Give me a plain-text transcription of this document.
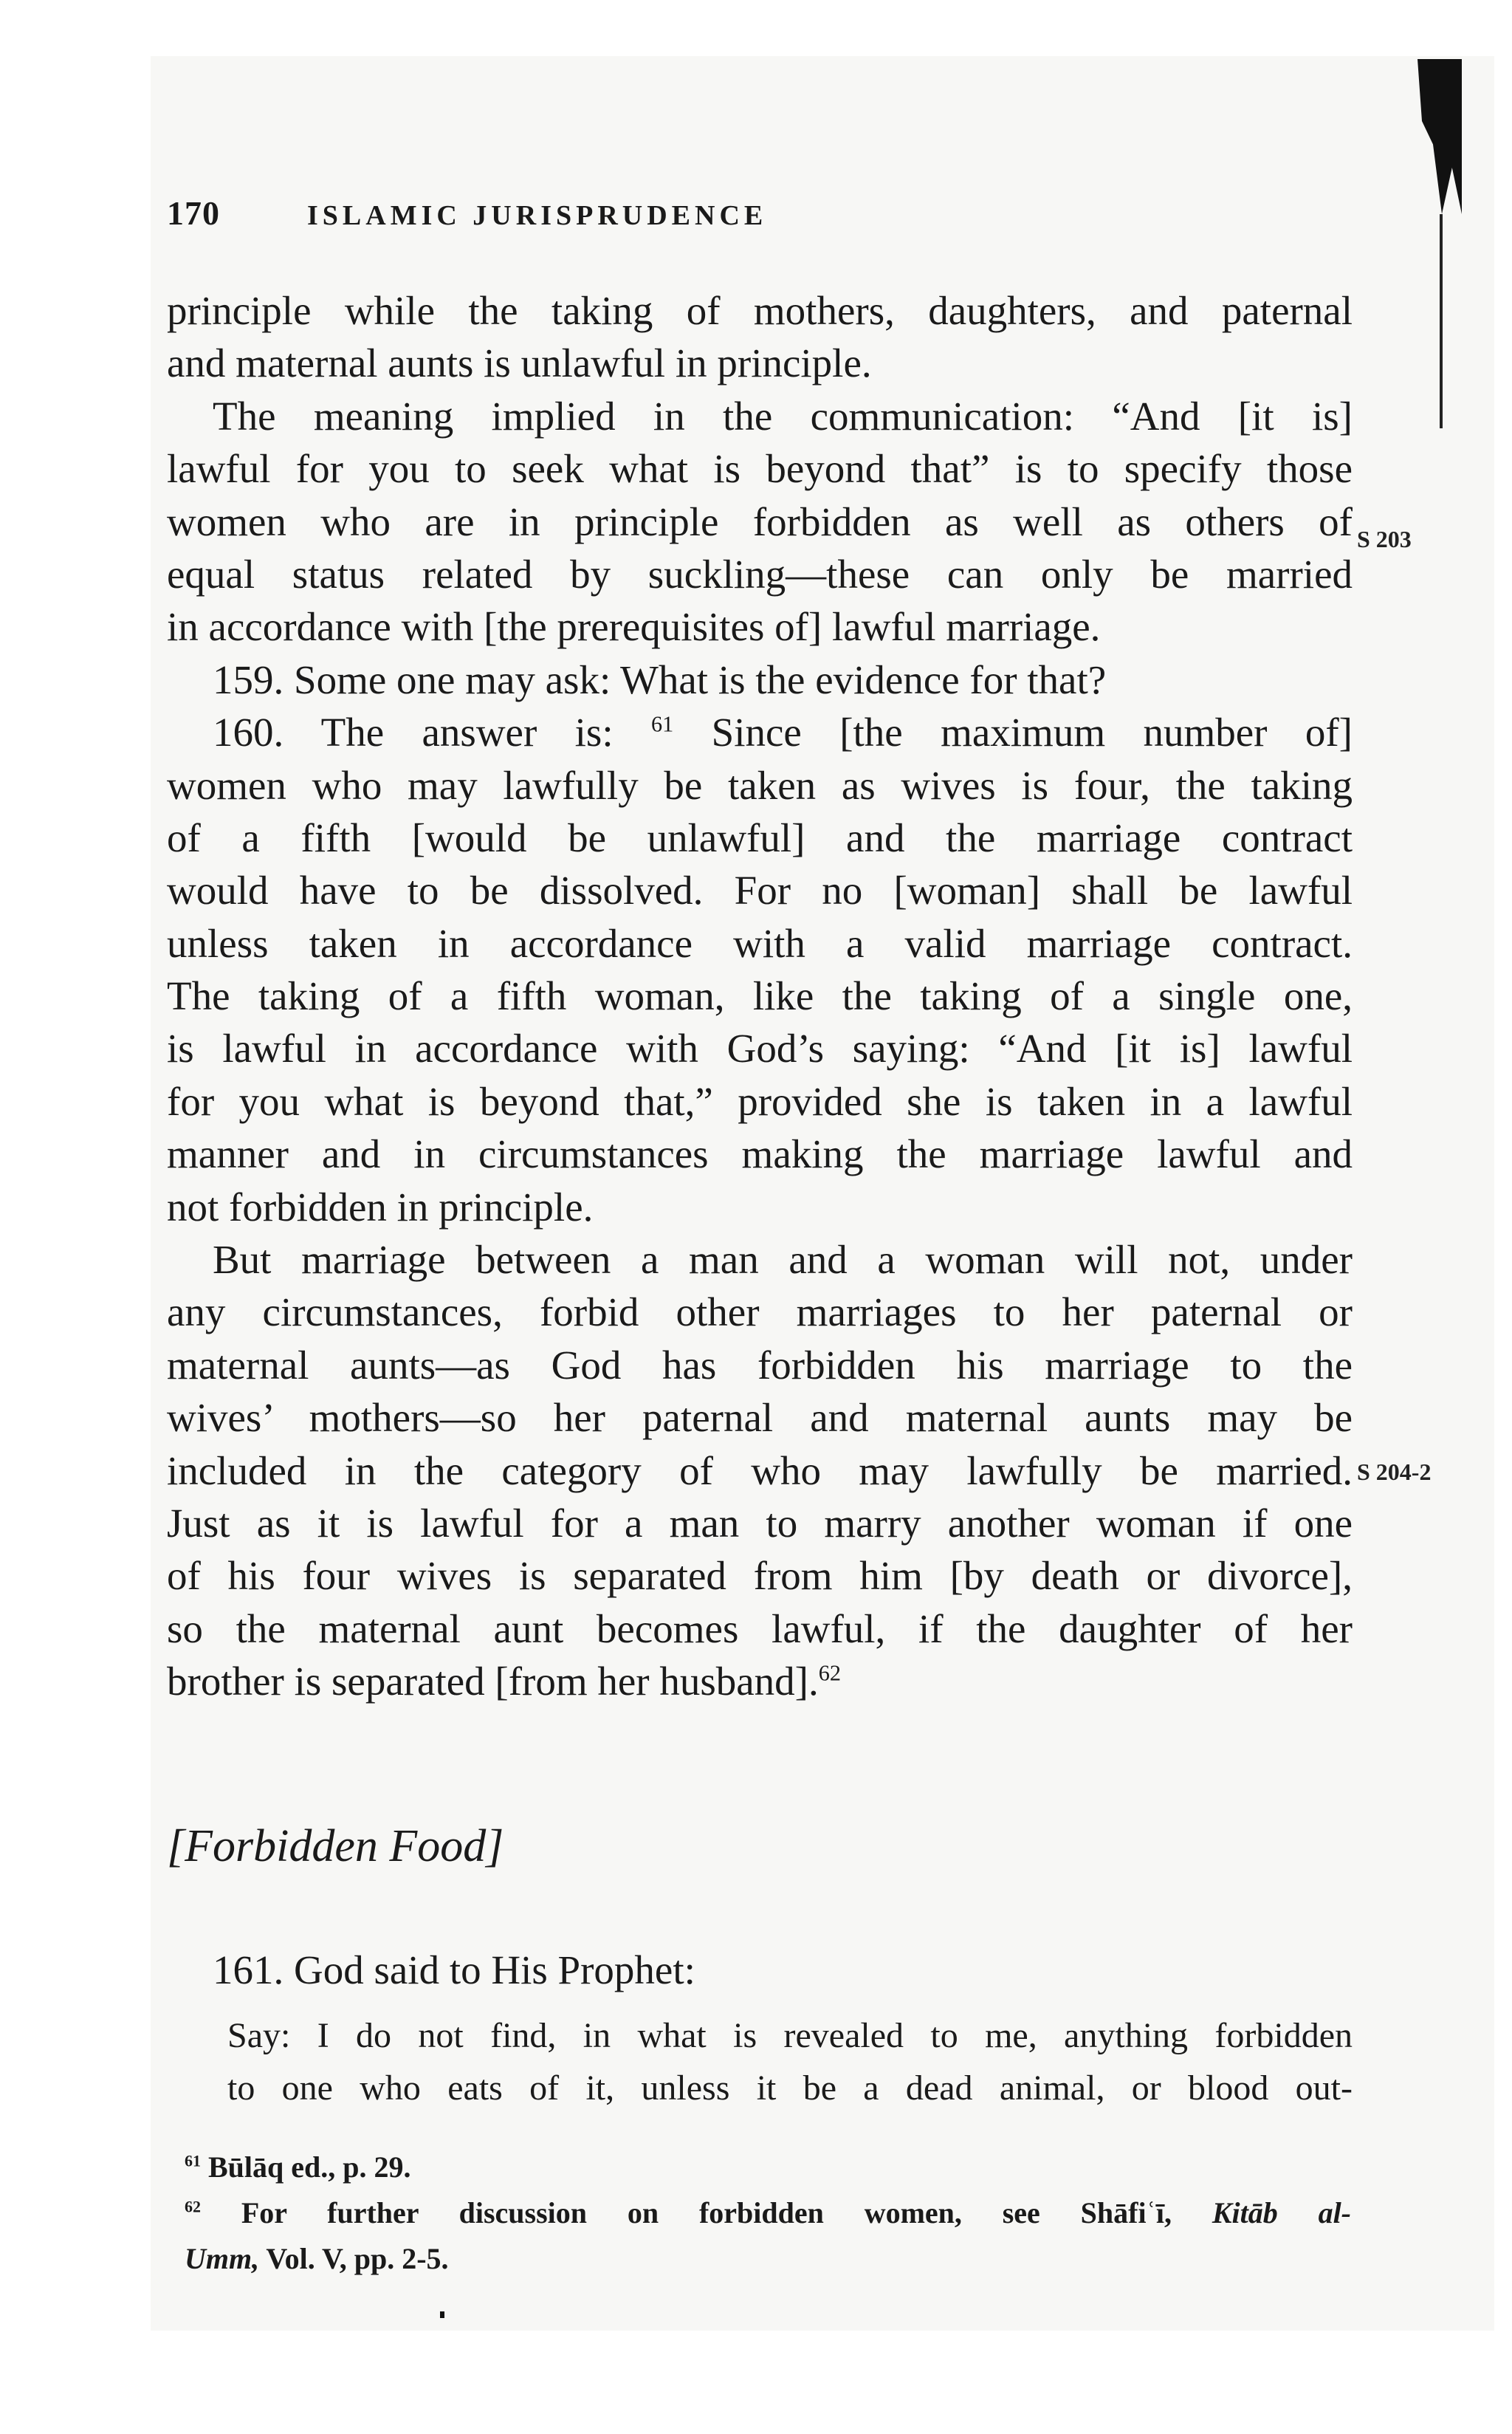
170	ISLAMIC JURISPRUDENCE
principle while the taking of mothers, daughters, and paternal
and maternal aunts is unlawful in principle.
The meaning implied in the communication: “And [it is]
lawful for you to seek what is beyond that” is to specify those
women who are in principle forbidden as well as others of
equal status related by suckling—these can only be married
in accordance with [the prerequisites of] lawful marriage.
159. Some one may ask: What is the evidence for that?
160. The answer is: $^{61}$ Since [the maximum number of]
women who may lawfully be taken as wives is four, the taking
of a fifth [would be unlawful] and the marriage contract
would have to be dissolved. For no [woman] shall be lawful
unless taken in accordance with a valid marriage contract.
The taking of a fifth woman, like the taking of a single one,
is lawful in accordance with God’s saying: “And [it is] lawful
for you what is beyond that,” provided she is taken in a lawful
manner and in circumstances making the marriage lawful and
not forbidden in principle.
But marriage between a man and a woman will not, under
any circumstances, forbid other marriages to her paternal or
maternal aunts—as God has forbidden his marriage to the
wives’ mothers—so her paternal and maternal aunts may be
included in the category of who may lawfully be married.
Just as it is lawful for a man to marry another woman if one
of his four wives is separated from him [by death or divorce],
so the maternal aunt becomes lawful, if the daughter of her
brother is separated [from her husband].$^{62}$
S 203
S 204-2
[Forbidden Food]
161. God said to His Prophet:
Say: I do not find, in what is revealed to me, anything forbidden
to one who eats of it, unless it be a dead animal, or blood out-
$^{61}$ Būlāq ed., p. 29.
$^{62}$ For further discussion on forbidden women, see Shāfiʿī, Kitāb al-
Umm, Vol. V, pp. 2-5.
